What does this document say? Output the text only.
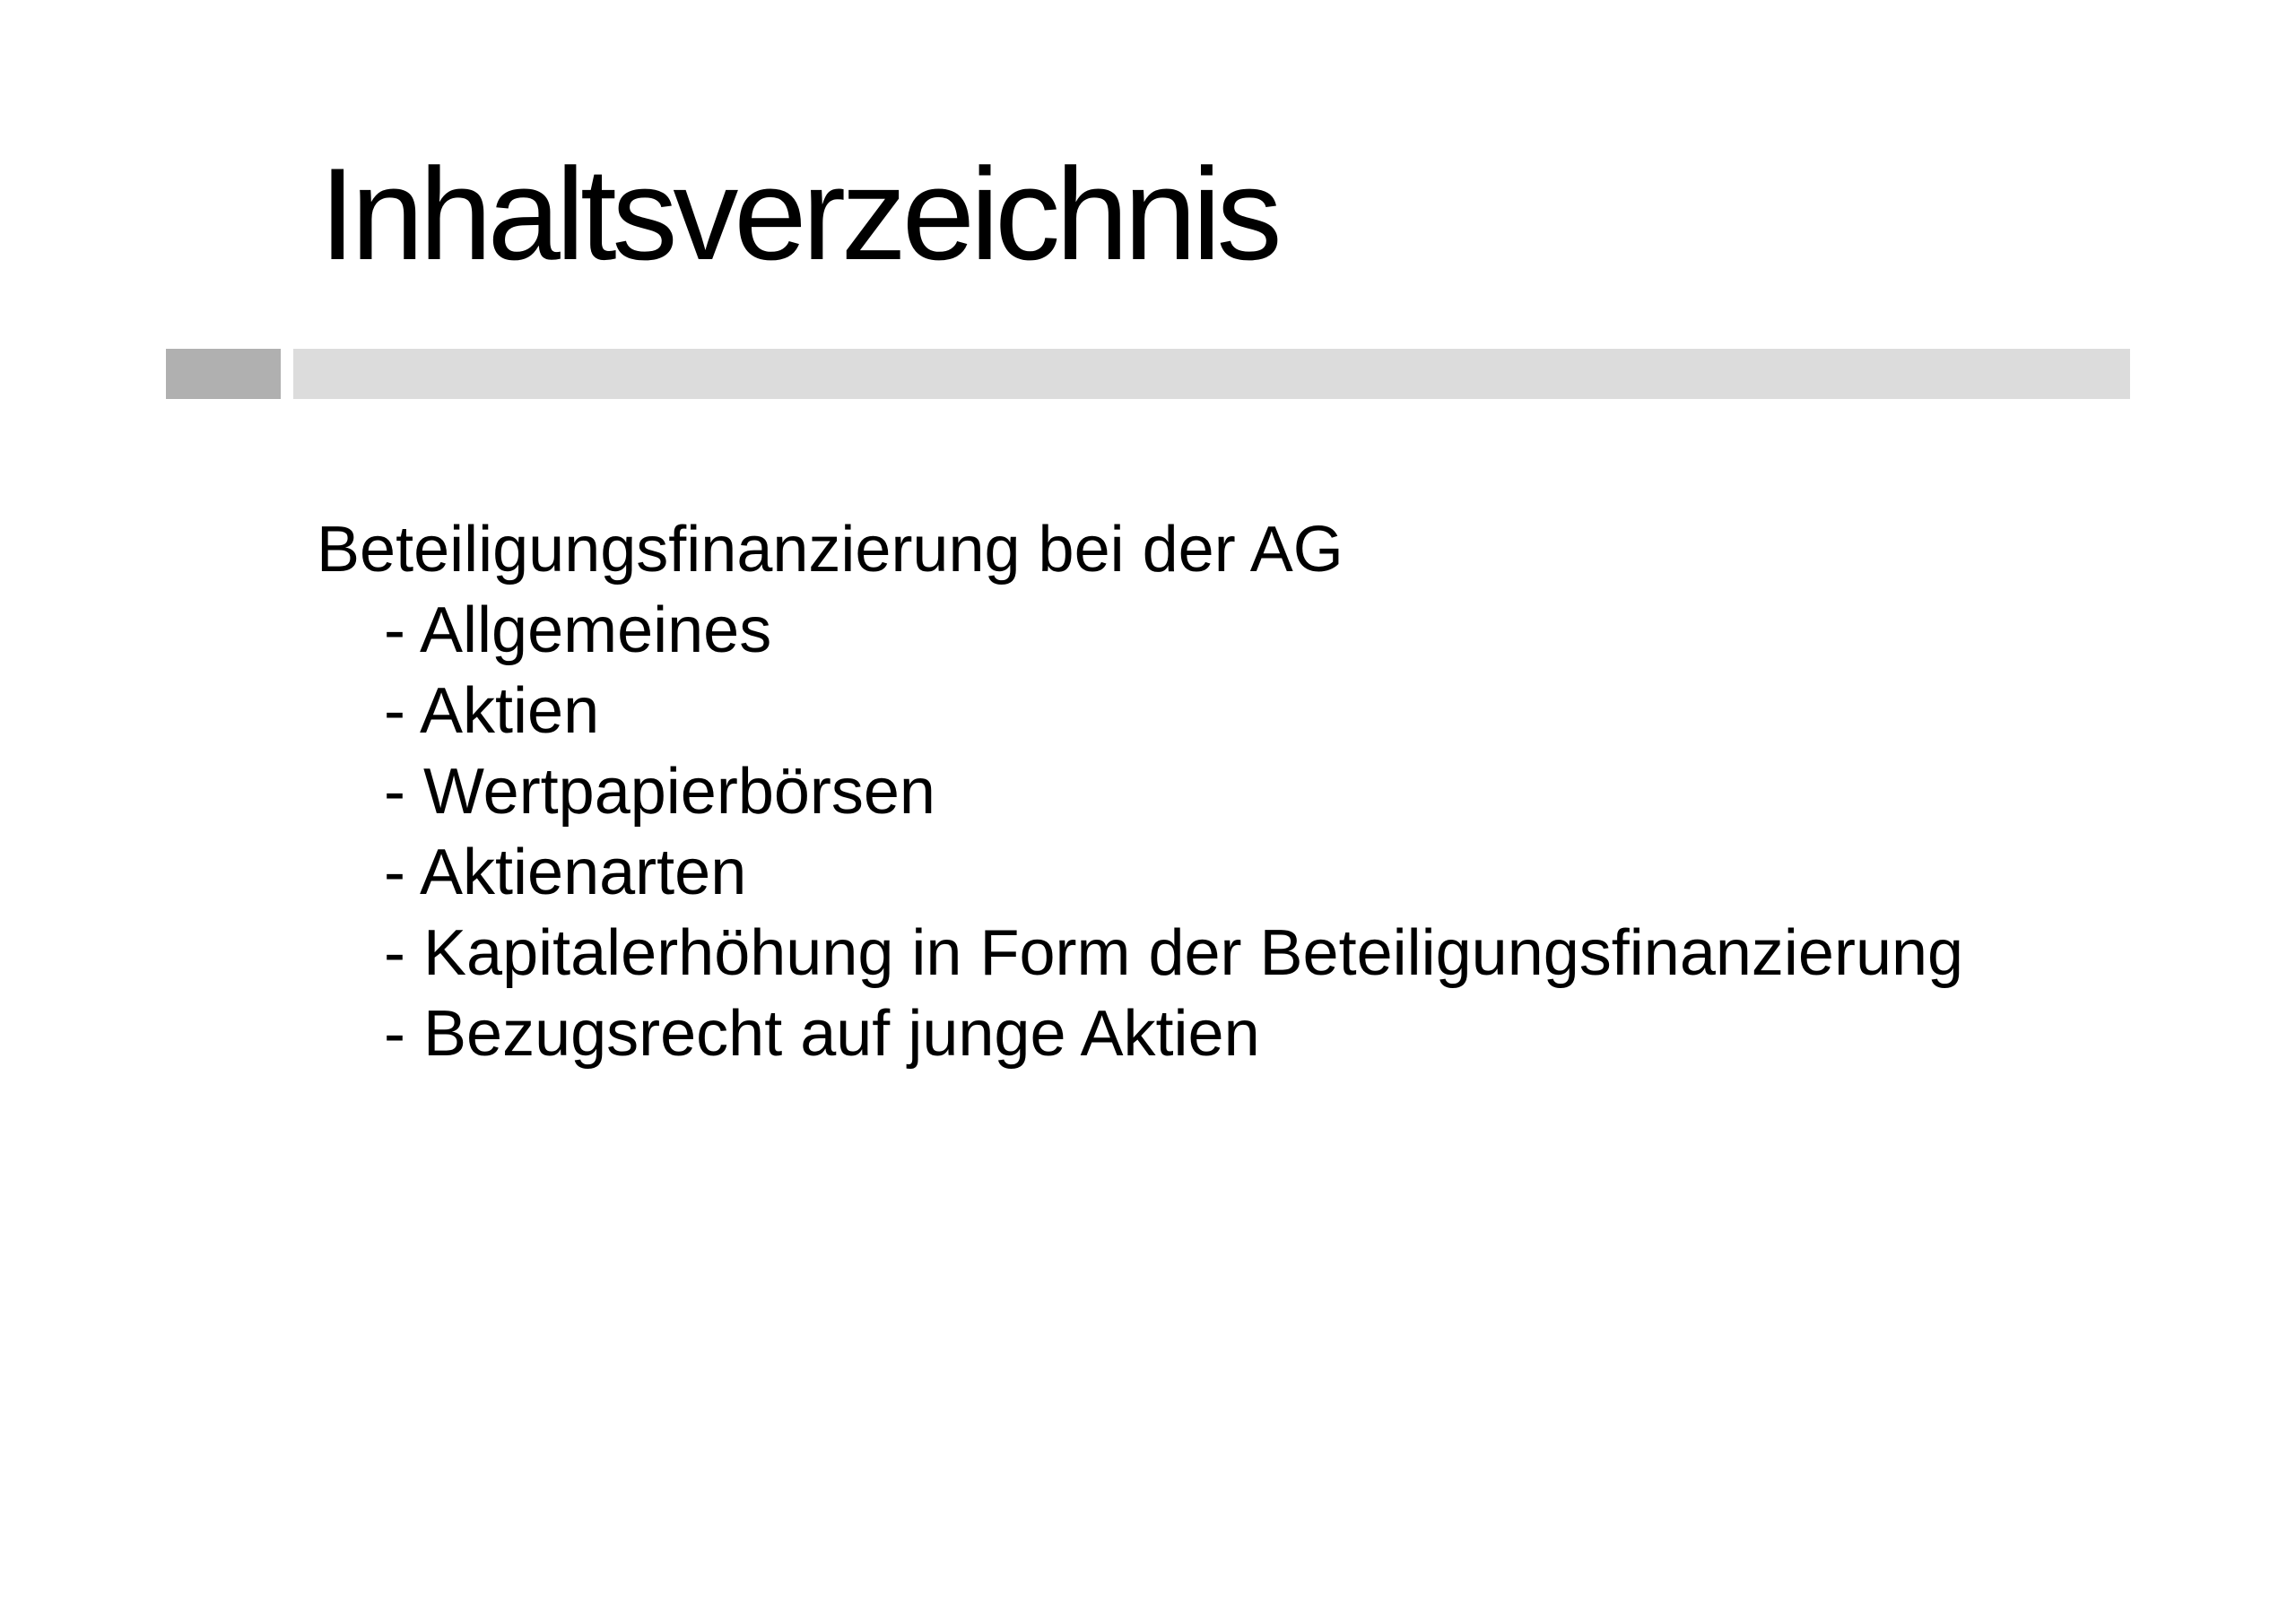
Inhaltsverzeichnis

Beteiligungsfinanzierung bei der AG

- Allgemeines
- Aktien
- Wertpapierbörsen
- Aktienarten
- Kapitalerhöhung in Form der Beteiligungsfinanzierung
- Bezugsrecht auf junge Aktien
